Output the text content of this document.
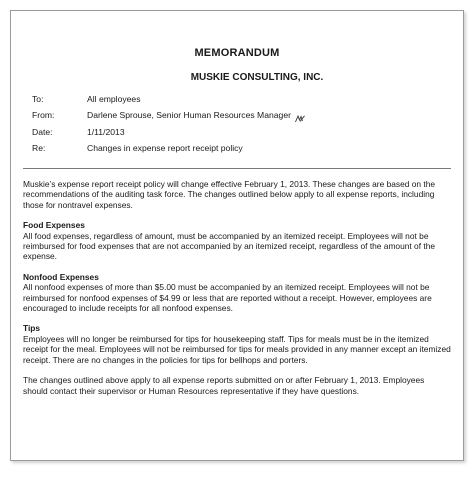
MEMORANDUM
MUSKIE CONSULTING, INC.
To:	All employees
From:	Darlene Sprouse, Senior Human Resources Manager
Date:	1/11/2013
Re:	Changes in expense report receipt policy

Muskie’s expense report receipt policy will change effective February 1, 2013. These changes are based on the recommendations of the auditing task force. The changes outlined below apply to all expense reports, including those for nontravel expenses.

Food Expenses

All food expenses, regardless of amount, must be accompanied by an itemized receipt. Employees will not be reimbursed for food expenses that are not accompanied by an itemized receipt, regardless of the amount of the expense.

Nonfood Expenses

All nonfood expenses of more than $5.00 must be accompanied by an itemized receipt. Employees will not be reimbursed for nonfood expenses of $4.99 or less that are reported without a receipt. However, employees are encouraged to include receipts for all nonfood expenses.

Tips

Employees will no longer be reimbursed for tips for housekeeping staff. Tips for meals must be in the itemized receipt for the meal. Employees will not be reimbursed for tips for meals provided in any manner except an itemized receipt. There are no changes in the policies for tips for bellhops and porters.

The changes outlined above apply to all expense reports submitted on or after February 1, 2013. Employees should contact their supervisor or Human Resources representative if they have questions.
